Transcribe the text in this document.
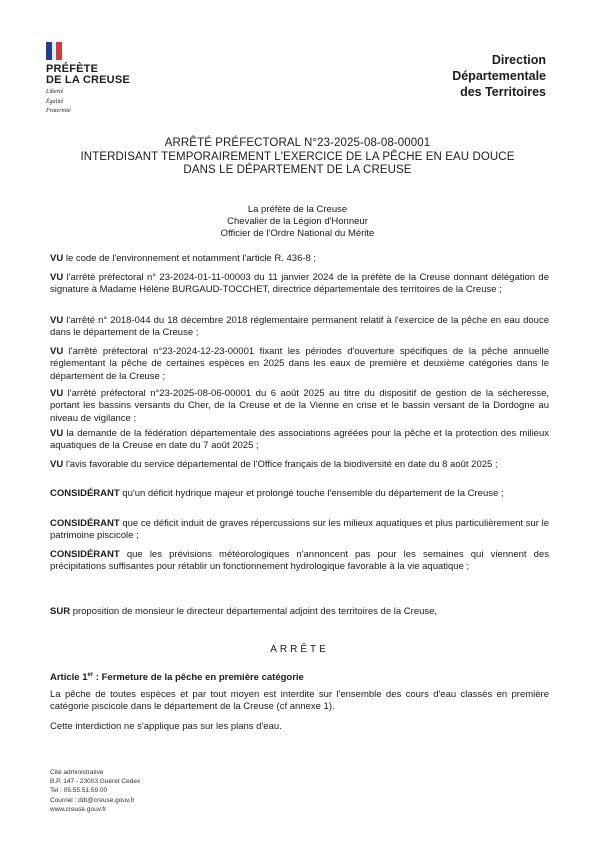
PRÉFÈTE
DE LA CREUSE
Liberté
Égalité
Fraternité
Direction
Départementale
des Territoires
ARRÊTÉ PRÉFECTORAL N°23-2025-08-08-00001
INTERDISANT TEMPORAIREMENT L'EXERCICE DE LA PÊCHE EN EAU DOUCE
DANS LE DÉPARTEMENT DE LA CREUSE
La préfète de la Creuse
Chevalier de la Légion d'Honneur
Officier de l'Ordre National du Mérite
VU le code de l'environnement et notamment l'article R. 436-8 ;
VU l'arrêté préfectoral n° 23-2024-01-11-00003 du 11 janvier 2024 de la préfète de la Creuse donnant délégation de signature à Madame Hélène BURGAUD-TOCCHET, directrice départementale des territoires de la Creuse ;
VU l'arrêté n° 2018-044 du 18 décembre 2018 réglementaire permanent relatif à l'exercice de la pêche en eau douce dans le département de la Creuse ;
VU l'arrêté préfectoral n°23-2024-12-23-00001 fixant les périodes d'ouverture spécifiques de la pêche annuelle réglementant la pêche de certaines espèces en 2025 dans les eaux de première et deuxième catégories dans le département de la Creuse ;
VU l'arrêté préfectoral n°23-2025-08-06-00001 du 6 août 2025 au titre du dispositif de gestion de la sécheresse, portant les bassins versants du Cher, de la Creuse et de la Vienne en crise et le bassin versant de la Dordogne au niveau de vigilance ;
VU la demande de la fédération départementale des associations agréées pour la pêche et la protection des milieux aquatiques de la Creuse en date du 7 août 2025 ;
VU l'avis favorable du service départemental de l'Office français de la biodiversité en date du 8 août 2025 ;
CONSIDÉRANT qu'un déficit hydrique majeur et prolongé touche l'ensemble du département de la Creuse ;
CONSIDÉRANT que ce déficit induit de graves répercussions sur les milieux aquatiques et plus particulièrement sur le patrimoine piscicole ;
CONSIDÉRANT que les prévisions météorologiques n'annoncent pas pour les semaines qui viennent des précipitations suffisantes pour rétablir un fonctionnement hydrologique favorable à la vie aquatique ;
SUR proposition de monsieur le directeur départemental adjoint des territoires de la Creuse,
ARRÊTE
Article 1er : Fermeture de la pêche en première catégorie
La pêche de toutes espèces et par tout moyen est interdite sur l'ensemble des cours d'eau classés en première catégorie piscicole dans le département de la Creuse (cf annexe 1).
Cette interdiction ne s'applique pas sur les plans d'eau.
Cité administrative
B.P. 147 - 23003 Guéret Cedex
Tel : 05.55.51.59.00
Courriel : ddt@creuse.gouv.fr
www.creuse.gouv.fr
